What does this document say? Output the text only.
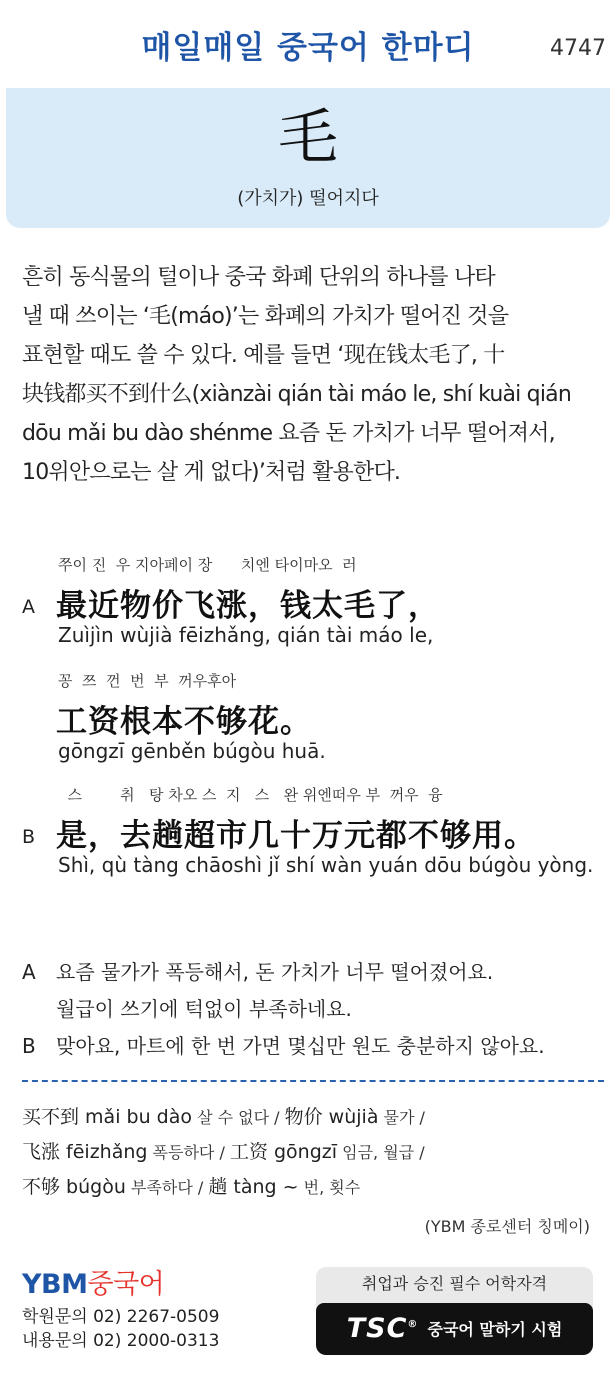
매일매일 중국어 한마디	4747
毛
(가치가) 떨어지다
흔히 동식물의 털이나 중국 화폐 단위의 하나를 나타
낼 때 쓰이는 ‘毛(máo)’는 화폐의 가치가 떨어진 것을
표현할 때도 쓸 수 있다. 예를 들면 ‘现在钱太毛了, 十
块钱都买不到什么(xiànzài qián tài máo le, shí kuài qián
dōu mǎi bu dào shénme 요즘 돈 가치가 너무 떨어져서,
10위안으로는 살 게 없다)’처럼 활용한다.
쭈이 진  우 지아페이 장      치엔 타이마오  러
A 最近物价飞涨，钱太毛了，
Zuìjìn wùjià fēizhǎng, qián tài máo le,
꽁  쯔  껀  번  부  꺼우후아
工资根本不够花。
gōngzī gēnběn búgòu huā.
스        취   탕 차오 스  지   스   완 위엔떠우 부  꺼우  융
B 是，去趟超市几十万元都不够用。
Shì, qù tàng chāoshì jǐ shí wàn yuán dōu búgòu yòng.
A 요즘 물가가 폭등해서, 돈 가치가 너무 떨어졌어요.
월급이 쓰기에 턱없이 부족하네요.
B 맞아요, 마트에 한 번 가면 몇십만 원도 충분하지 않아요.
买不到 mǎi bu dào 살 수 없다 / 物价 wùjià 물가 /
飞涨 fēizhǎng 폭등하다 / 工资 gōngzī 임금, 월급 /
不够 búgòu 부족하다 / 趟 tàng ~ 번, 횟수
(YBM 종로센터 칭메이)
YBM중국어
학원문의 02) 2267-0509
내용문의 02) 2000-0313
취업과 승진 필수 어학자격
TSC® 중국어 말하기 시험
